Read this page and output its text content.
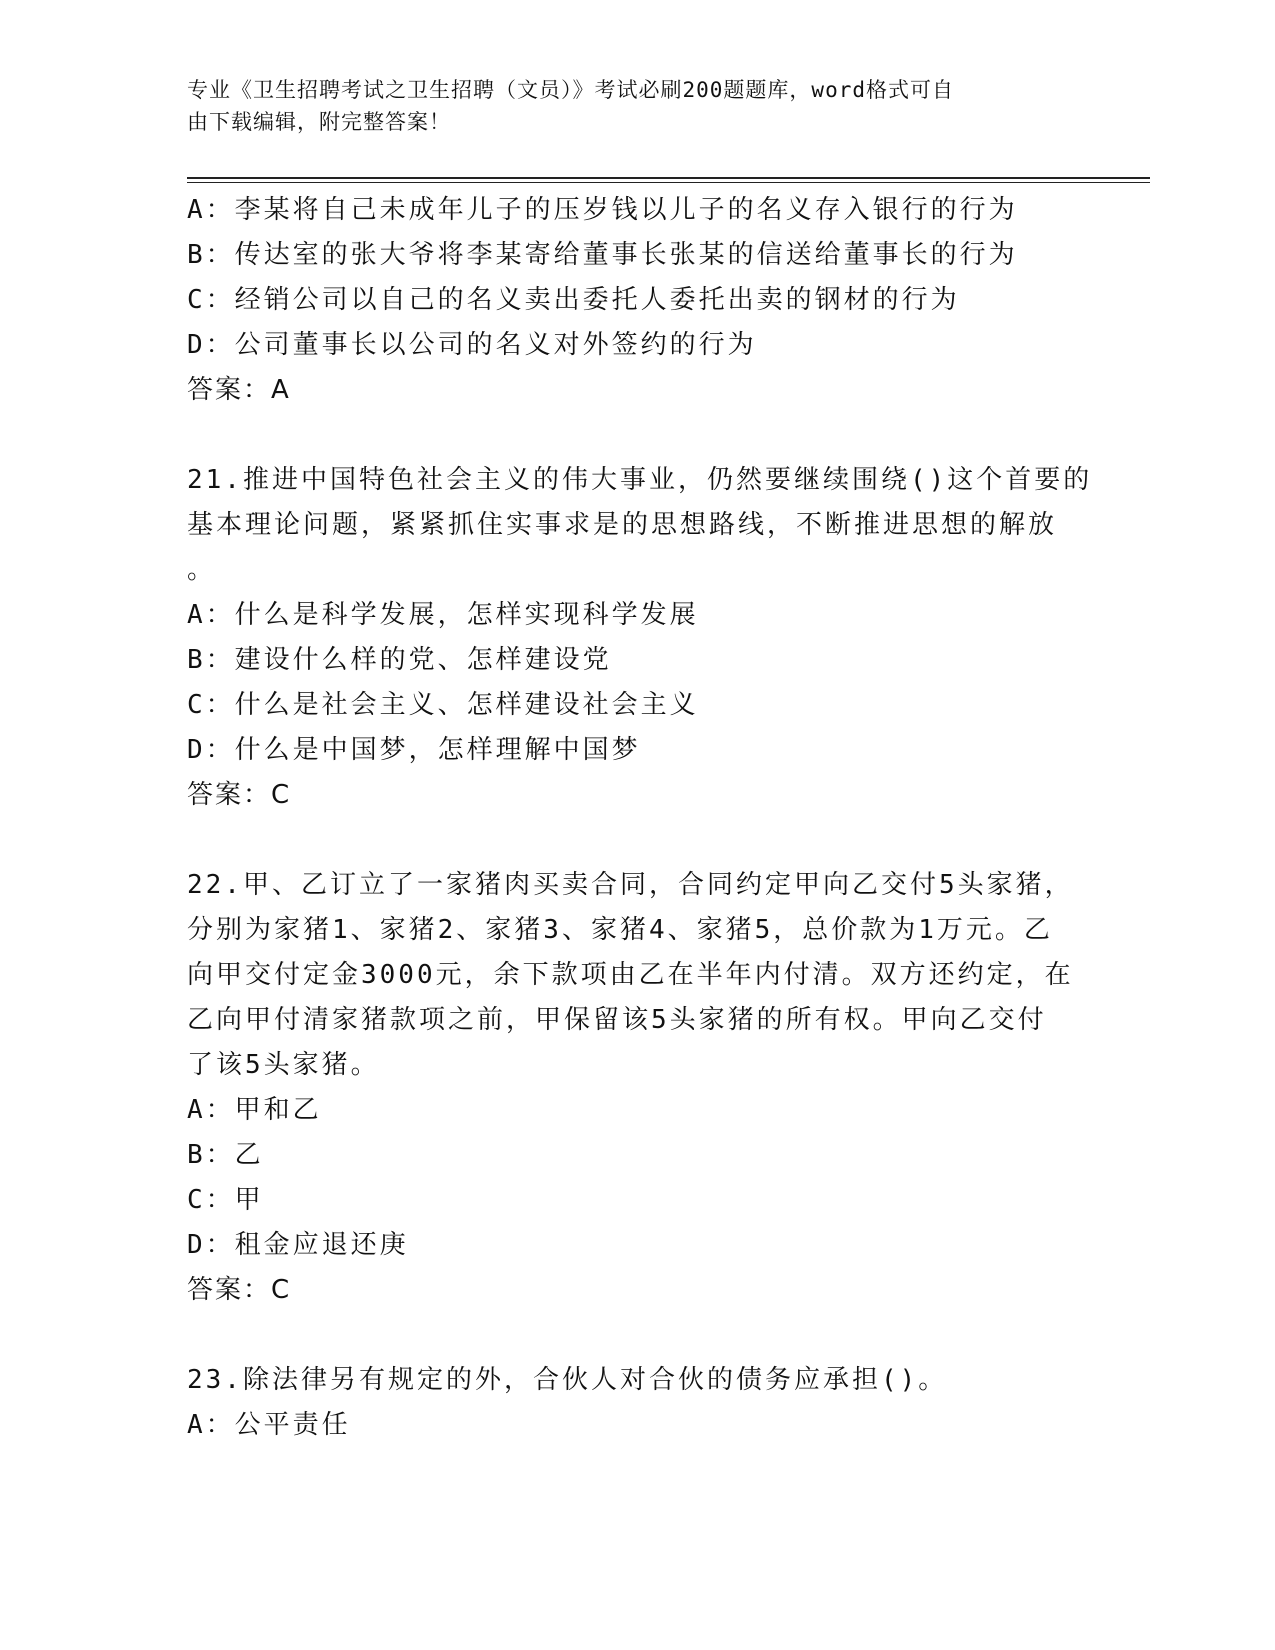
专业《卫生招聘考试之卫生招聘（文员）》考试必刷200题题库，word格式可自
由下载编辑，附完整答案！
A：李某将自己未成年儿子的压岁钱以儿子的名义存入银行的行为
B：传达室的张大爷将李某寄给董事长张某的信送给董事长的行为
C：经销公司以自己的名义卖出委托人委托出卖的钢材的行为
D：公司董事长以公司的名义对外签约的行为
答案：A
21.推进中国特色社会主义的伟大事业，仍然要继续围绕()这个首要的
基本理论问题，紧紧抓住实事求是的思想路线，不断推进思想的解放
。
A：什么是科学发展，怎样实现科学发展
B：建设什么样的党、怎样建设党
C：什么是社会主义、怎样建设社会主义
D：什么是中国梦，怎样理解中国梦
答案：C
22.甲、乙订立了一家猪肉买卖合同，合同约定甲向乙交付5头家猪，
分别为家猪1、家猪2、家猪3、家猪4、家猪5，总价款为1万元。乙
向甲交付定金3000元，余下款项由乙在半年内付清。双方还约定，在
乙向甲付清家猪款项之前，甲保留该5头家猪的所有权。甲向乙交付
了该5头家猪。
A：甲和乙
B：乙
C：甲
D：租金应退还庚
答案：C
23.除法律另有规定的外，合伙人对合伙的债务应承担()。
A：公平责任
